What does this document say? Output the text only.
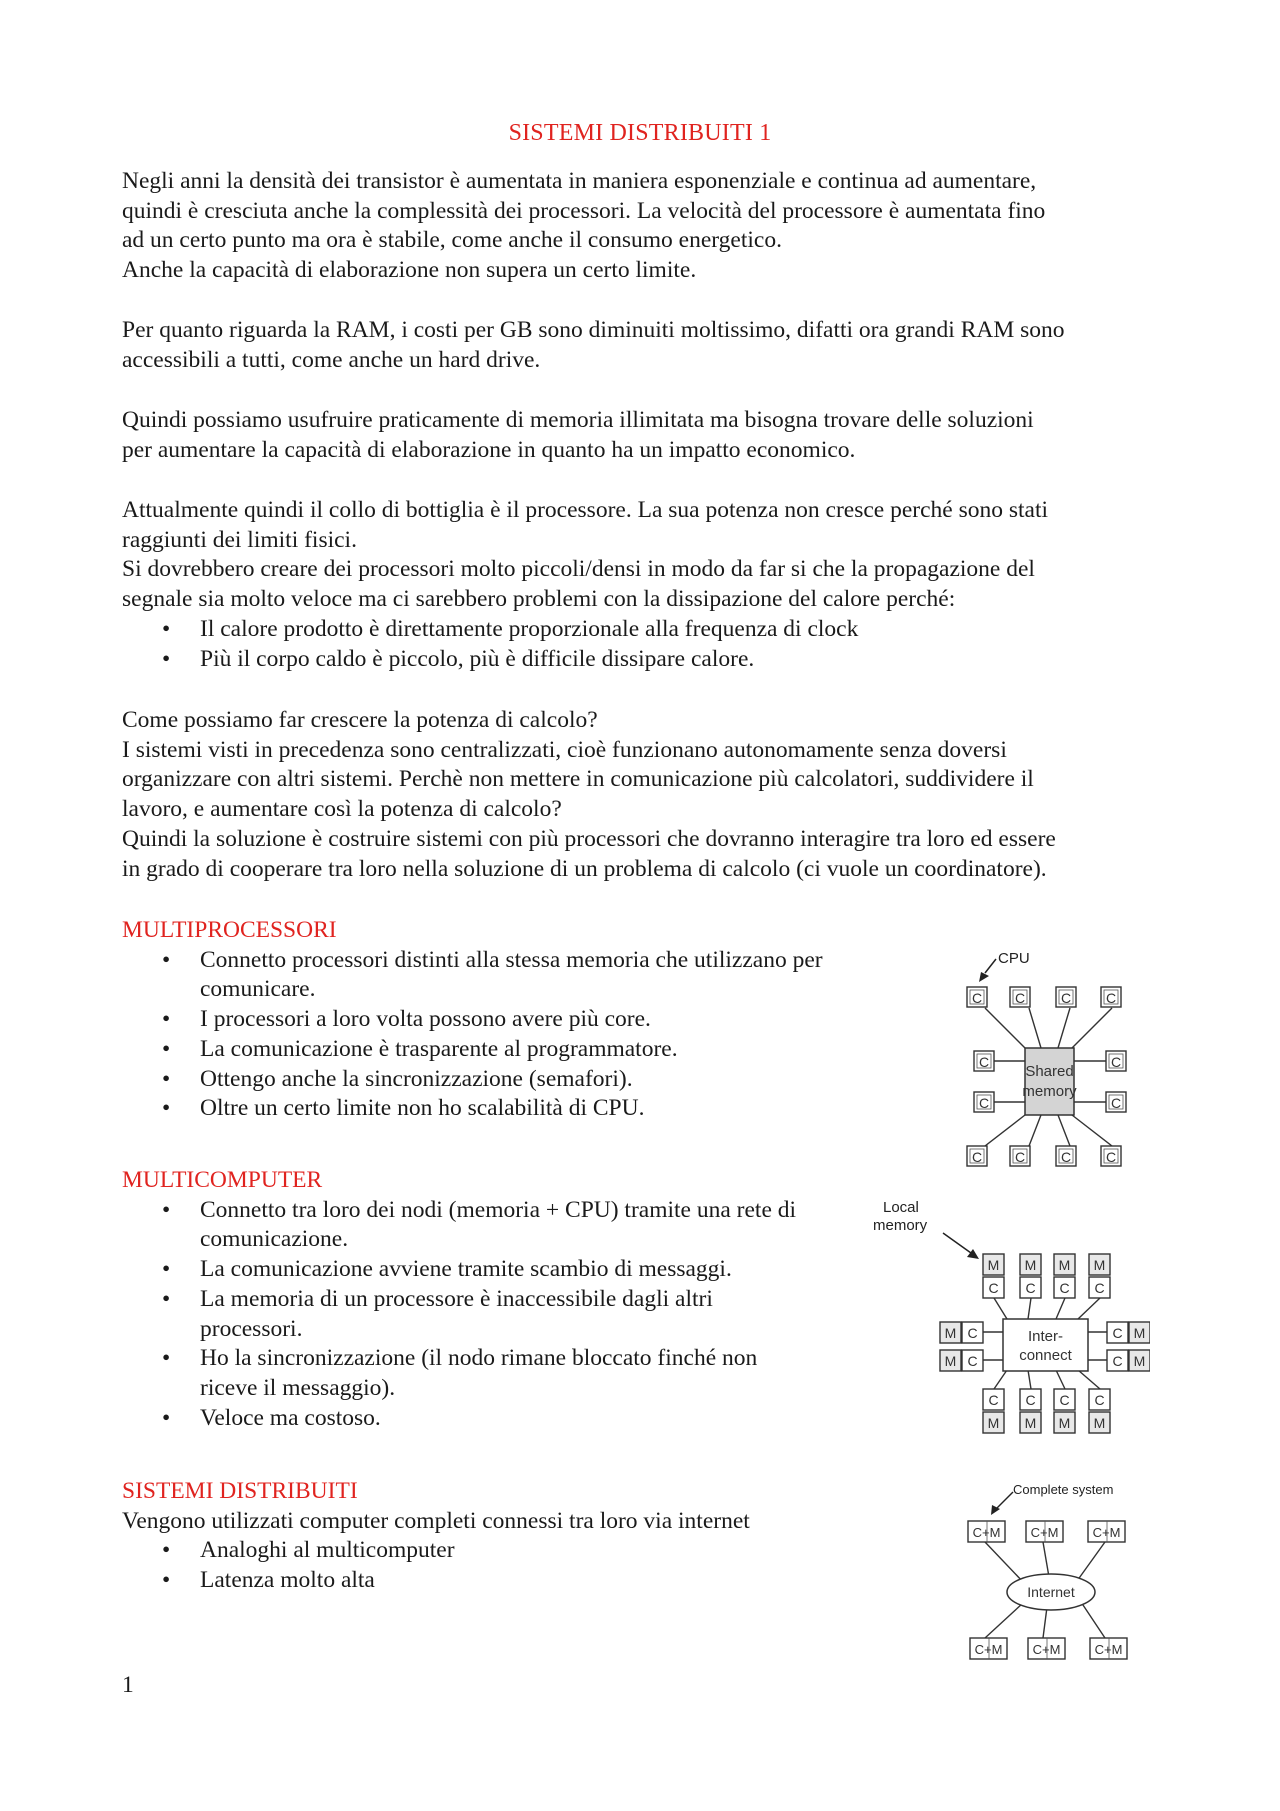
SISTEMI DISTRIBUITI 1

Negli anni la densità dei transistor è aumentata in maniera esponenziale e continua ad aumentare,

quindi è cresciuta anche la complessità dei processori. La velocità del processore è aumentata fino

ad un certo punto ma ora è stabile, come anche il consumo energetico.

Anche la capacità di elaborazione non supera un certo limite.

Per quanto riguarda la RAM, i costi per GB sono diminuiti moltissimo, difatti ora grandi RAM sono

accessibili a tutti, come anche un hard drive.

Quindi possiamo usufruire praticamente di memoria illimitata ma bisogna trovare delle soluzioni

per aumentare la capacità di elaborazione in quanto ha un impatto economico.

Attualmente quindi il collo di bottiglia è il processore. La sua potenza non cresce perché sono stati

raggiunti dei limiti fisici.

Si dovrebbero creare dei processori molto piccoli/densi in modo da far si che la propagazione del

segnale sia molto veloce ma ci sarebbero problemi con la dissipazione del calore perché:

• Il calore prodotto è direttamente proporzionale alla frequenza di clock

• Più il corpo caldo è piccolo, più è difficile dissipare calore.

Come possiamo far crescere la potenza di calcolo?

I sistemi visti in precedenza sono centralizzati, cioè funzionano autonomamente senza doversi

organizzare con altri sistemi. Perchè non mettere in comunicazione più calcolatori, suddividere il

lavoro, e aumentare così la potenza di calcolo?

Quindi la soluzione è costruire sistemi con più processori che dovranno interagire tra loro ed essere

in grado di cooperare tra loro nella soluzione di un problema di calcolo (ci vuole un coordinatore).

MULTIPROCESSORI

• Connetto processori distinti alla stessa memoria che utilizzano per

comunicare.

• I processori a loro volta possono avere più core.

• La comunicazione è trasparente al programmatore.

• Ottengo anche la sincronizzazione (semafori).

• Oltre un certo limite non ho scalabilità di CPU.

MULTICOMPUTER

• Connetto tra loro dei nodi (memoria + CPU) tramite una rete di

comunicazione.

• La comunicazione avviene tramite scambio di messaggi.

• La memoria di un processore è inaccessibile dagli altri

processori.

• Ho la sincronizzazione (il nodo rimane bloccato finché non

riceve il messaggio).

• Veloce ma costoso.

SISTEMI DISTRIBUITI

Vengono utilizzati computer completi connessi tra loro via internet

• Analoghi al multicomputer

• Latenza molto alta

CPU
Shared
memory
C C	C C
C	C
C	C
C C	C C
Local
memory
Inter-
connect
M M M M
C C C C
M C
M C
C M
C M
C C C C
M M M M
Complete system
Internet
C+M C+M	C+M
C+M C+M	C+M
1
